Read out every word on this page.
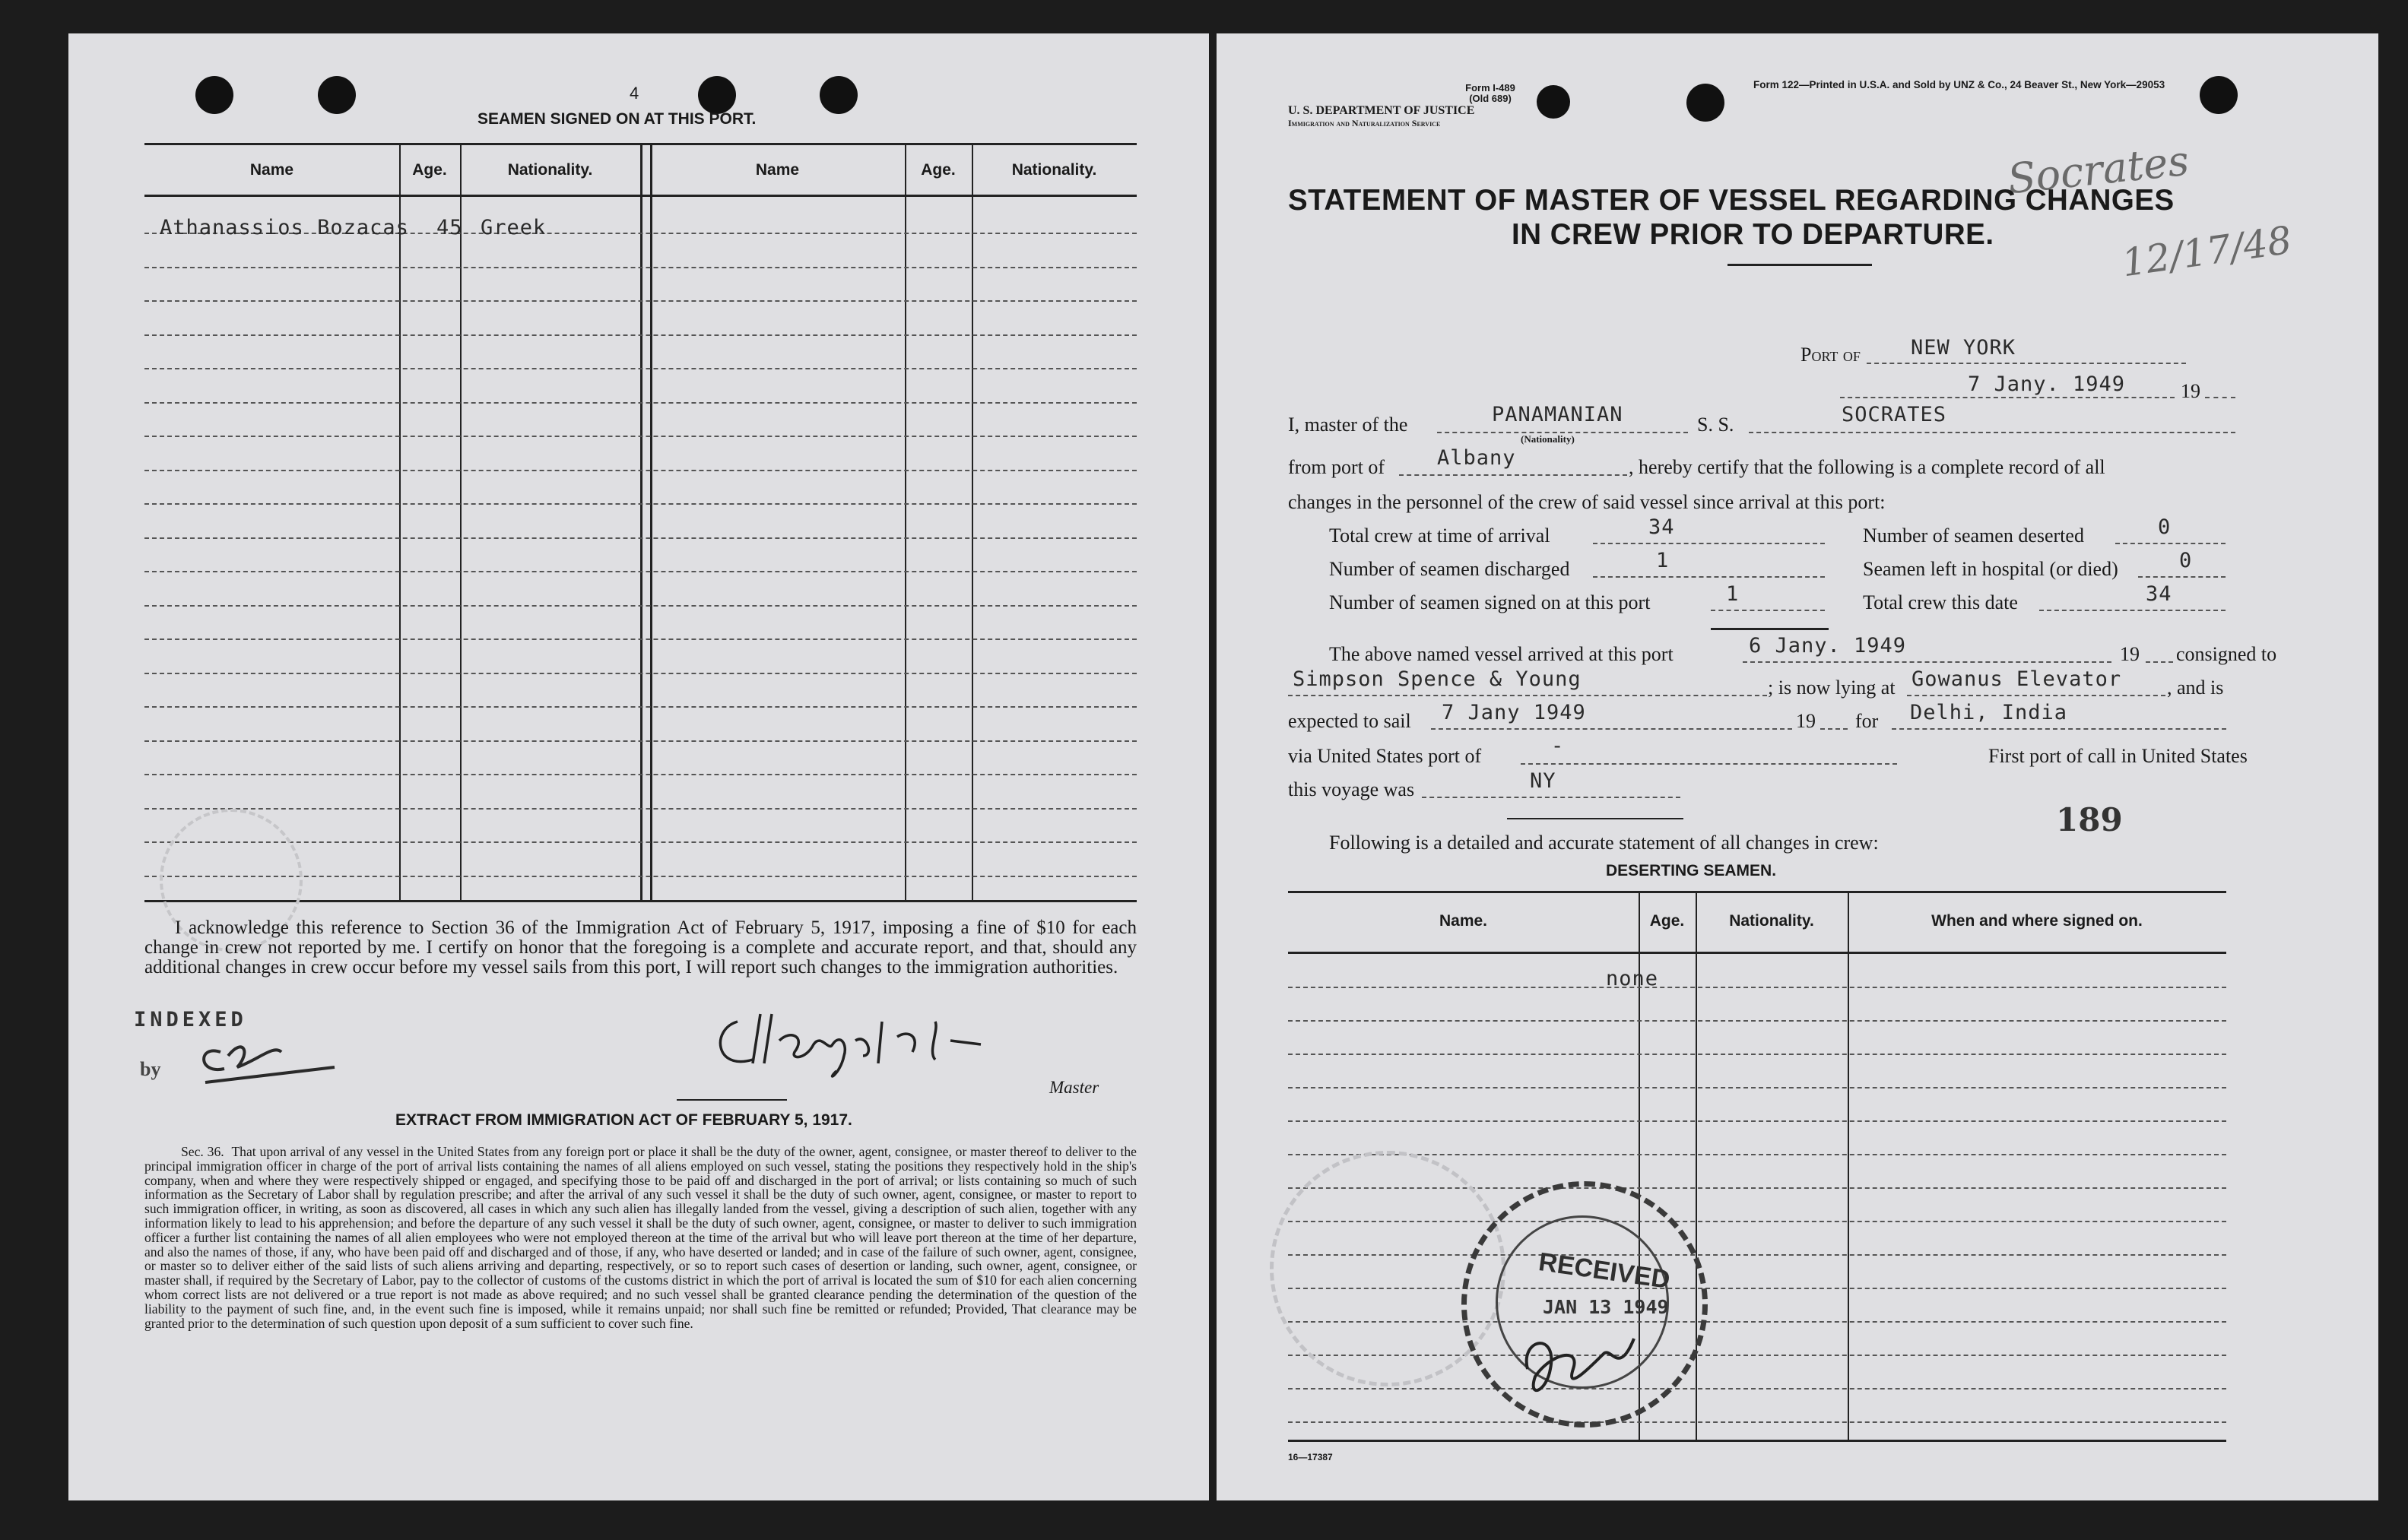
4
SEAMEN SIGNED ON AT THIS PORT.
Name	Age.	Nationality.	Name	Age.	Nationality.
Athanassios Bozacas 45 Greek
I acknowledge this reference to Section 36 of the Immigration Act of February 5, 1917, imposing a fine of $10 for each change in crew not reported by me. I certify on honor that the foregoing is a complete and accurate report, and that, should any additional changes in crew occur before my vessel sails from this port, I will report such changes to the immigration authorities.
INDEXED
by
Master
EXTRACT FROM IMMIGRATION ACT OF FEBRUARY 5, 1917.
Sec. 36. That upon arrival of any vessel in the United States from any foreign port or place it shall be the duty of the owner, agent, consignee, or master thereof to deliver to the principal immigration officer in charge of the port of arrival lists containing the names of all aliens employed on such vessel, stating the positions they respectively hold in the ship's company, when and where they were respectively shipped or engaged, and specifying those to be paid off and discharged in the port of arrival; or lists containing so much of such information as the Secretary of Labor shall by regulation prescribe; and after the arrival of any such vessel it shall be the duty of such owner, agent, consignee, or master to report to such immigration officer, in writing, as soon as discovered, all cases in which any such alien has illegally landed from the vessel, giving a description of such alien, together with any information likely to lead to his apprehension; and before the departure of any such vessel it shall be the duty of such owner, agent, consignee, or master to deliver to such immigration officer a further list containing the names of all alien employees who were not employed thereon at the time of the arrival but who will leave port thereon at the time of her departure, and also the names of those, if any, who have been paid off and discharged and of those, if any, who have deserted or landed; and in case of the failure of such owner, agent, consignee, or master so to deliver either of the said lists of such aliens arriving and departing, respectively, or so to report such cases of desertion or landing, such owner, agent, consignee, or master shall, if required by the Secretary of Labor, pay to the collector of customs of the customs district in which the port of arrival is located the sum of $10 for each alien concerning whom correct lists are not delivered or a true report is not made as above required; and no such vessel shall be granted clearance pending the determination of the question of the liability to the payment of such fine, and, in the event such fine is imposed, while it remains unpaid; nor shall such fine be remitted or refunded; Provided, That clearance may be granted prior to the determination of such question upon deposit of a sum sufficient to cover such fine.
Form I-489
(Old 689)
U. S. DEPARTMENT OF JUSTICE
Immigration and Naturalization Service
Form 122—Printed in U.S.A. and Sold by UNZ & Co., 24 Beaver St., New York—29053
Socrates
12/17/48
STATEMENT OF MASTER OF VESSEL REGARDING CHANGES
IN CREW PRIOR TO DEPARTURE.
Port of NEW YORK
7 Jany. 1949	19
I, master of the	PANAMANIAN
(Nationality)
S. S.	SOCRATES
from port of	Albany	, hereby certify that the following is a complete record of all
changes in the personnel of the crew of said vessel since arrival at this port:
Total crew at time of arrival	34	Number of seamen deserted	0
Number of seamen discharged	1	Seamen left in hospital (or died)	0
Number of seamen signed on at this port	1	Total crew this date	34
The above named vessel arrived at this port	6 Jany. 1949	19 consigned to
Simpson Spence & Young	; is now lying at Gowanus Elevator , and is
expected to sail 7 Jany 1949	19 for Delhi, India
via United States port of	-	First port of call in United States
this voyage was	NY
189
Following is a detailed and accurate statement of all changes in crew:
DESERTING SEAMEN.
Name.	Age.	Nationality.	When and where signed on.
none
RECEIVED
JAN 13 1949
16—17387
